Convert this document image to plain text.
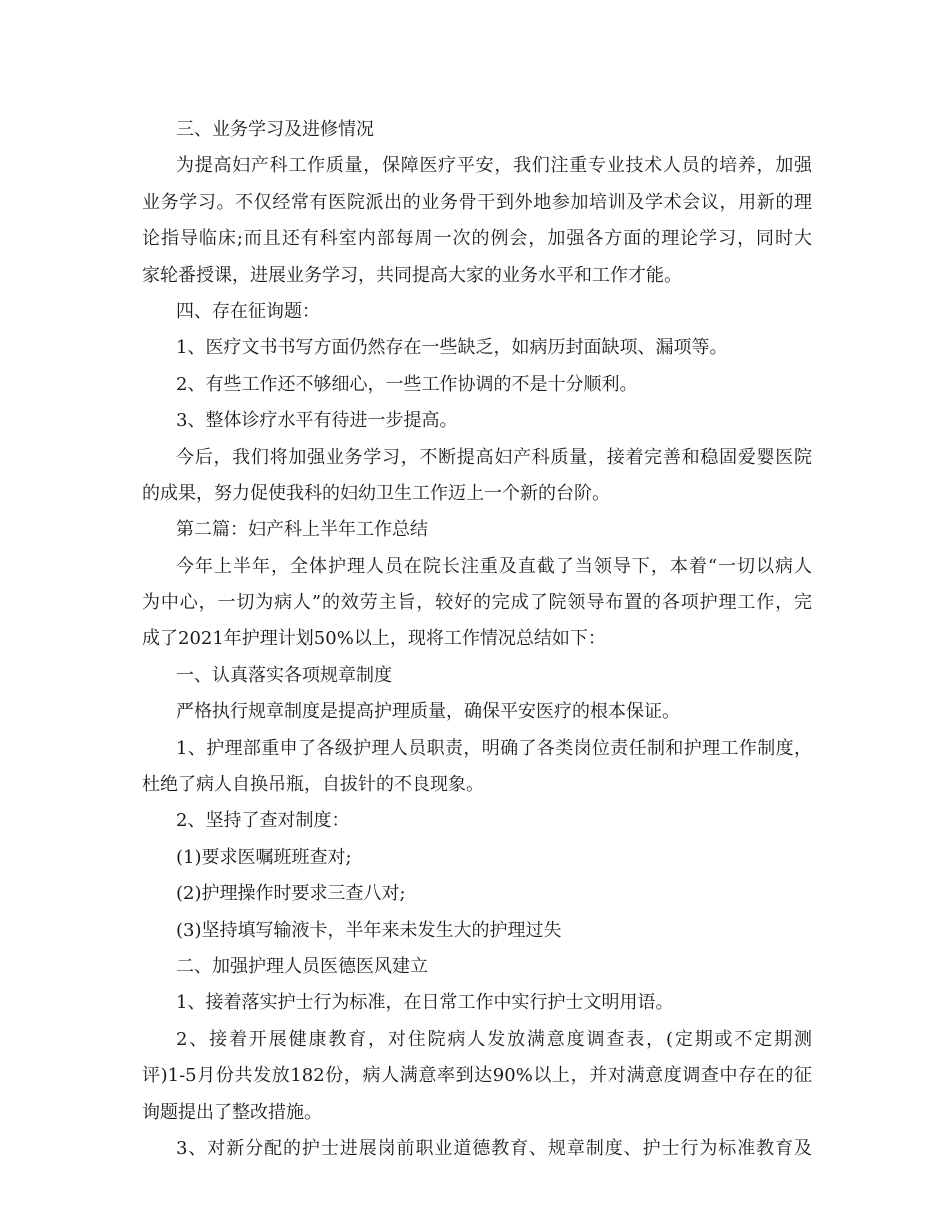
三、业务学习及进修情况
为提高妇产科工作质量，保障医疗平安，我们注重专业技术人员的培养，加强
业务学习。不仅经常有医院派出的业务骨干到外地参加培训及学术会议，用新的理
论指导临床;而且还有科室内部每周一次的例会，加强各方面的理论学习，同时大
家轮番授课，进展业务学习，共同提高大家的业务水平和工作才能。
四、存在征询题：
1、医疗文书书写方面仍然存在一些缺乏，如病历封面缺项、漏项等。
2、有些工作还不够细心，一些工作协调的不是十分顺利。
3、整体诊疗水平有待进一步提高。
今后，我们将加强业务学习，不断提高妇产科质量，接着完善和稳固爱婴医院
的成果，努力促使我科的妇幼卫生工作迈上一个新的台阶。
第二篇：妇产科上半年工作总结
今年上半年，全体护理人员在院长注重及直截了当领导下，本着“一切以病人
为中心，一切为病人”的效劳主旨，较好的完成了院领导布置的各项护理工作，完
成了2021年护理计划50%以上，现将工作情况总结如下：
一、认真落实各项规章制度
严格执行规章制度是提高护理质量，确保平安医疗的根本保证。
1、护理部重申了各级护理人员职责，明确了各类岗位责任制和护理工作制度，
杜绝了病人自换吊瓶，自拔针的不良现象。
2、坚持了查对制度：
(1)要求医嘱班班查对;
(2)护理操作时要求三查八对;
(3)坚持填写输液卡，半年来未发生大的护理过失
二、加强护理人员医德医风建立
1、接着落实护士行为标准，在日常工作中实行护士文明用语。
2、接着开展健康教育，对住院病人发放满意度调查表，(定期或不定期测
评)1-5月份共发放182份，病人满意率到达90%以上，并对满意度调查中存在的征
询题提出了整改措施。
3、对新分配的护士进展岗前职业道德教育、规章制度、护士行为标准教育及
